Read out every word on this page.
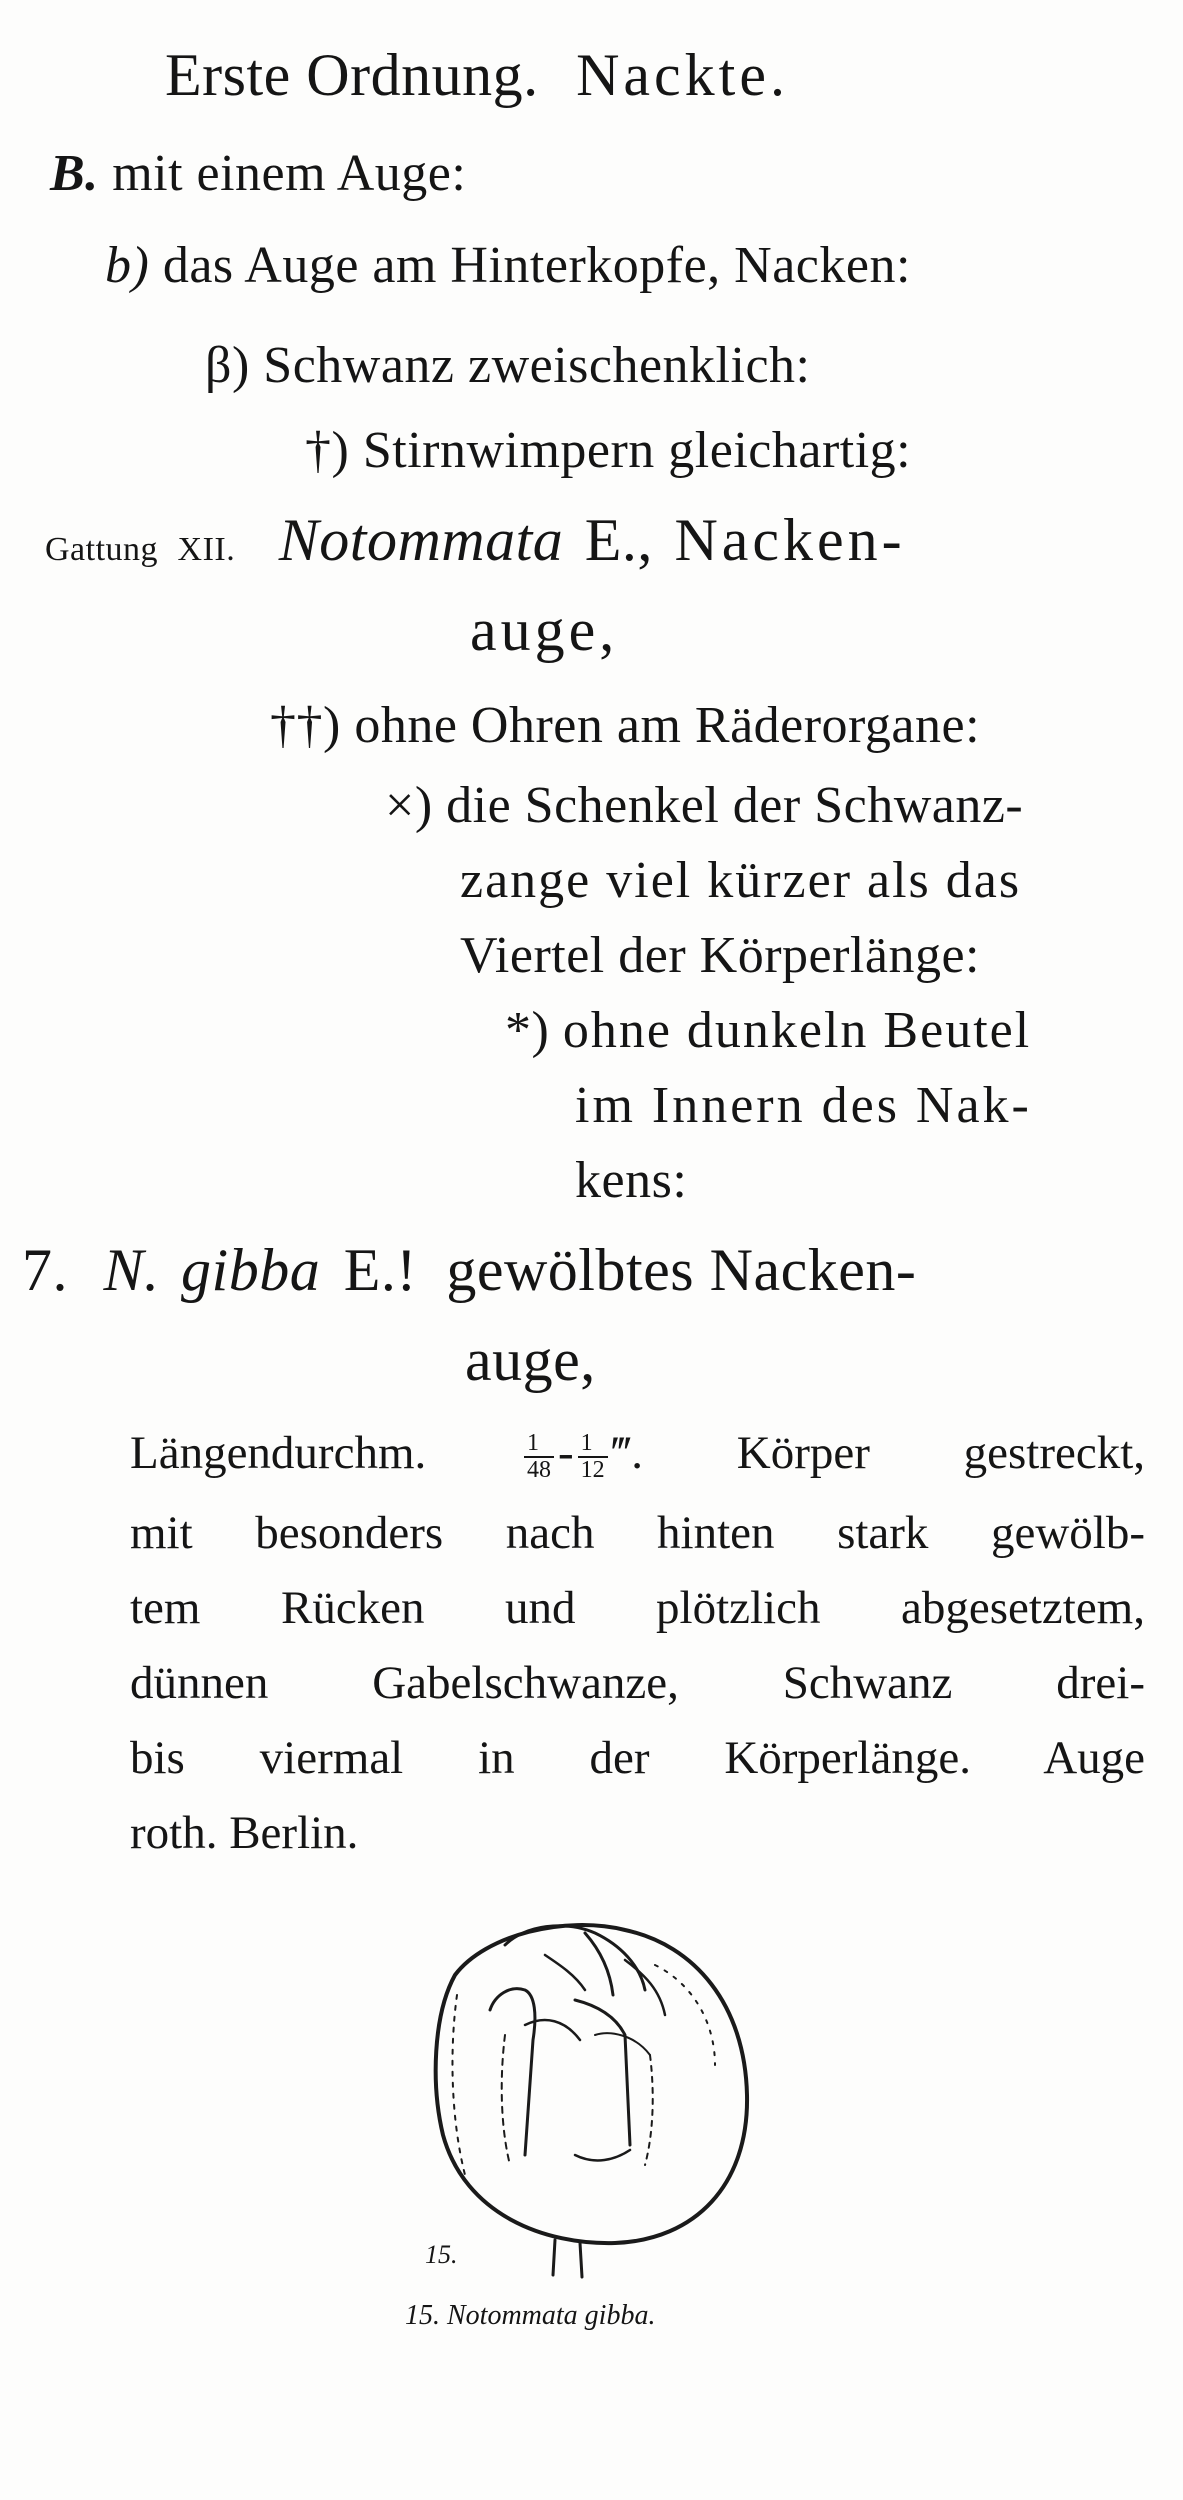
Erste Ordnung. Nackte.
B. mit einem Auge:
b) das Auge am Hinterkopfe, Nacken:
β) Schwanz zweischenklich:
†) Stirnwimpern gleichartig:
Gattung XII. Notommata E., Nacken-
auge,
††) ohne Ohren am Räderorgane:
×) die Schenkel der Schwanz-
zange viel kürzer als das
Viertel der Körperlänge:
*) ohne dunkeln Beutel
im Innern des Nak-
kens:
7. N. gibba E.! gewölbtes Nacken-
auge,
Längendurchm.	$\frac{1}{48} - \frac{1}{12}$ ‴. Körper gestreckt,
mit besonders nach hinten stark gewölb-
tem Rücken und plötzlich abgesetztem,
dünnen Gabelschwanze, Schwanz drei-
bis viermal in der Körperlänge. Auge
roth. Berlin.
15.
15. Notommata gibba.
